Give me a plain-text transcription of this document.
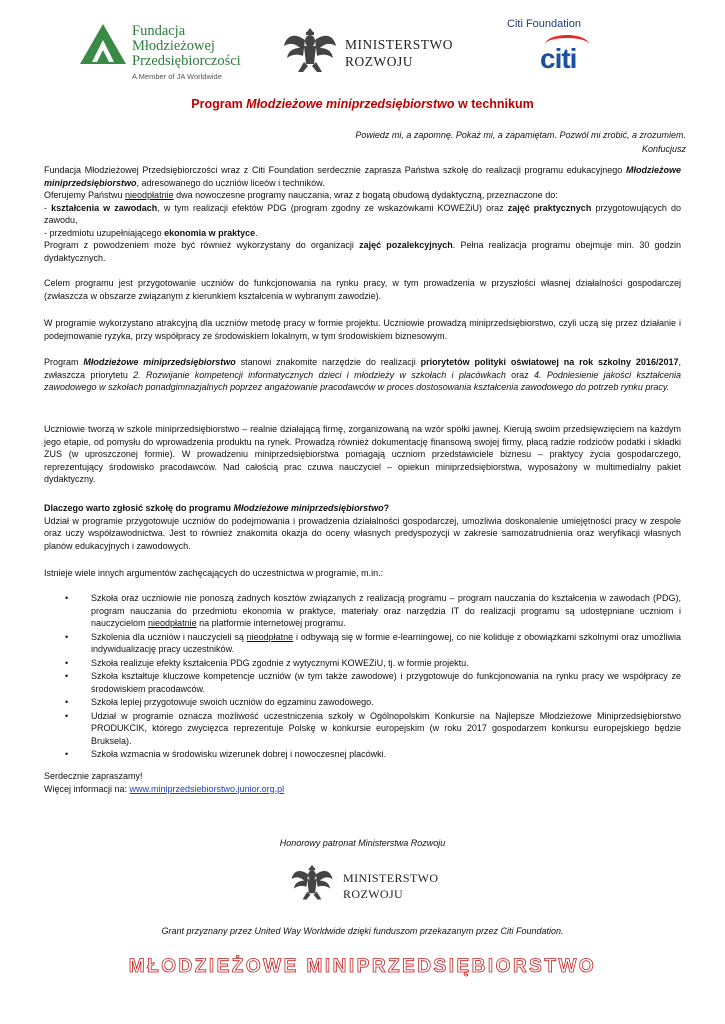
Fundacja
Młodzieżowej
Przedsiębiorczości
A Member of JA Worldwide
MINISTERSTWO
ROZWOJU
Citi Foundation
citi
Program Młodzieżowe miniprzedsiębiorstwo w technikum
Powiedz mi, a zapomnę. Pokaż mi, a zapamiętam. Pozwól mi zrobić, a zrozumiem.
Konfucjusz

Fundacja Młodzieżowej Przedsiębiorczości wraz z Citi Foundation serdecznie zaprasza Państwa szkołę do realizacji programu edukacyjnego Młodzieżowe miniprzedsiębiorstwo, adresowanego do uczniów liceów i techników.

Oferujemy Państwu nieodpłatnie dwa nowoczesne programy nauczania, wraz z bogatą obudową dydaktyczną, przeznaczone do:

- kształcenia w zawodach, w tym realizacji efektów PDG (program zgodny ze wskazówkami KOWEZiU) oraz zajęć praktycznych przygotowujących do zawodu,

- przedmiotu uzupełniającego ekonomia w praktyce.

Program z powodzeniem może być również wykorzystany do organizacji zajęć pozalekcyjnych. Pełna realizacja programu obejmuje min. 30 godzin dydaktycznych.

Celem programu jest przygotowanie uczniów do funkcjonowania na rynku pracy, w tym prowadzenia w przyszłości własnej działalności gospodarczej (zwłaszcza w obszarze związanym z kierunkiem kształcenia w wybranym zawodzie).
W programie wykorzystano atrakcyjną dla uczniów metodę pracy w formie projektu. Uczniowie prowadzą miniprzedsiębiorstwo, czyli uczą się przez działanie i podejmowanie ryzyka, przy współpracy ze środowiskiem lokalnym, w tym środowiskiem biznesowym.
Program Młodzieżowe miniprzedsiębiorstwo stanowi znakomite narzędzie do realizacji priorytetów polityki oświatowej na rok szkolny 2016/2017, zwłaszcza priorytetu 2. Rozwijanie kompetencji informatycznych dzieci i młodzieży w szkołach i placówkach oraz 4. Podniesienie jakości kształcenia zawodowego w szkołach ponadgimnazjalnych poprzez angażowanie pracodawców w proces dostosowania kształcenia zawodowego do potrzeb rynku pracy.
Uczniowie tworzą w szkole miniprzedsiębiorstwo – realnie działającą firmę, zorganizowaną na wzór spółki jawnej. Kierują swoim przedsięwzięciem na każdym jego etapie, od pomysłu do wprowadzenia produktu na rynek. Prowadzą również dokumentację finansową swojej firmy, płacą radzie rodziców podatki i składki ZUS (w uproszczonej formie). W prowadzeniu miniprzedsiębiorstwa pomagają uczniom przedstawiciele biznesu – praktycy życia gospodarczego, reprezentujący środowisko pracodawców. Nad całością prac czuwa nauczyciel – opiekun miniprzedsiębiorstwa, wyposażony w multimedialny pakiet dydaktyczny.

Dlaczego warto zgłosić szkołę do programu Młodzieżowe miniprzedsiębiorstwo?

Udział w programie przygotowuje uczniów do podejmowania i prowadzenia działalności gospodarczej, umożliwia doskonalenie umiejętności pracy w zespole oraz uczy współzawodnictwa. Jest to również znakomita okazja do oceny własnych predyspozycji w zakresie samozatrudnienia oraz weryfikacji własnych planów edukacyjnych i zawodowych.

Istnieje wiele innych argumentów zachęcających do uczestnictwa w programie, m.in.:
•	Szkoła oraz uczniowie nie ponoszą żadnych kosztów związanych z realizacją programu – program nauczania do kształcenia w zawodach (PDG), program nauczania do przedmiotu ekonomia w praktyce, materiały oraz narzędzia IT do realizacji programu są udostępniane uczniom i nauczycielom nieodpłatnie na platformie internetowej programu.
•	Szkolenia dla uczniów i nauczycieli są nieodpłatne i odbywają się w formie e-learningowej, co nie koliduje z obowiązkami szkolnymi oraz umożliwia indywidualizację pracy uczestników.
•	Szkoła realizuje efekty kształcenia PDG zgodnie z wytycznymi KOWEZiU, tj. w formie projektu.
•	Szkoła kształtuje kluczowe kompetencje uczniów (w tym także zawodowe) i przygotowuje do funkcjonowania na rynku pracy we współpracy ze środowiskiem pracodawców.
•	Szkoła lepiej przygotowuje swoich uczniów do egzaminu zawodowego.
•	Udział w programie oznacza możliwość uczestniczenia szkoły w Ogólnopolskim Konkursie na Najlepsze Młodzieżowe Miniprzedsiębiorstwo PRODUKCIK, którego zwycięzca reprezentuje Polskę w konkursie europejskim (w roku 2017 gospodarzem konkursu europejskiego będzie Bruksela).
•	Szkoła wzmacnia w środowisku wizerunek dobrej i nowoczesnej placówki.

Serdecznie zapraszamy!

Więcej informacji na: www.miniprzedsiebiorstwo.junior.org.pl

Honorowy patronat Ministerstwa Rozwoju
MINISTERSTWO
ROZWOJU
Grant przyznany przez United Way Worldwide dzięki funduszom przekazanym przez Citi Foundation.
MŁODZIEŻOWE MINIPRZEDSIĘBIORSTWO
